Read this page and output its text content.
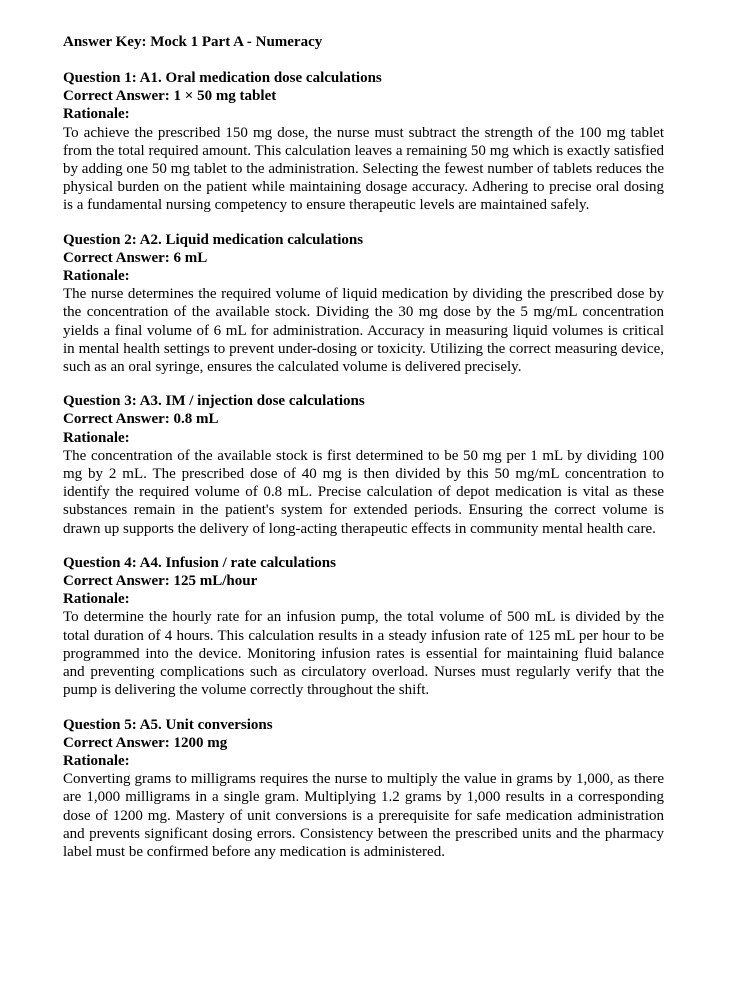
Answer Key: Mock 1 Part A - Numeracy

Question 1: A1. Oral medication dose calculations

Correct Answer: 1 × 50 mg tablet

Rationale:

To achieve the prescribed 150 mg dose, the nurse must subtract the strength of the 100 mg tablet from the total required amount. This calculation leaves a remaining 50 mg which is exactly satisfied by adding one 50 mg tablet to the administration. Selecting the fewest number of tablets reduces the physical burden on the patient while maintaining dosage accuracy. Adhering to precise oral dosing is a fundamental nursing competency to ensure therapeutic levels are maintained safely.

Question 2: A2. Liquid medication calculations

Correct Answer: 6 mL

Rationale:

The nurse determines the required volume of liquid medication by dividing the prescribed dose by the concentration of the available stock. Dividing the 30 mg dose by the 5 mg/mL concentration yields a final volume of 6 mL for administration. Accuracy in measuring liquid volumes is critical in mental health settings to prevent under-dosing or toxicity. Utilizing the correct measuring device, such as an oral syringe, ensures the calculated volume is delivered precisely.

Question 3: A3. IM / injection dose calculations

Correct Answer: 0.8 mL

Rationale:

The concentration of the available stock is first determined to be 50 mg per 1 mL by dividing 100 mg by 2 mL. The prescribed dose of 40 mg is then divided by this 50 mg/mL concentration to identify the required volume of 0.8 mL. Precise calculation of depot medication is vital as these substances remain in the patient's system for extended periods. Ensuring the correct volume is drawn up supports the delivery of long-acting therapeutic effects in community mental health care.

Question 4: A4. Infusion / rate calculations

Correct Answer: 125 mL/hour

Rationale:

To determine the hourly rate for an infusion pump, the total volume of 500 mL is divided by the total duration of 4 hours. This calculation results in a steady infusion rate of 125 mL per hour to be programmed into the device. Monitoring infusion rates is essential for maintaining fluid balance and preventing complications such as circulatory overload. Nurses must regularly verify that the pump is delivering the volume correctly throughout the shift.

Question 5: A5. Unit conversions

Correct Answer: 1200 mg

Rationale:

Converting grams to milligrams requires the nurse to multiply the value in grams by 1,000, as there are 1,000 milligrams in a single gram. Multiplying 1.2 grams by 1,000 results in a corresponding dose of 1200 mg. Mastery of unit conversions is a prerequisite for safe medication administration and prevents significant dosing errors. Consistency between the prescribed units and the pharmacy label must be confirmed before any medication is administered.
